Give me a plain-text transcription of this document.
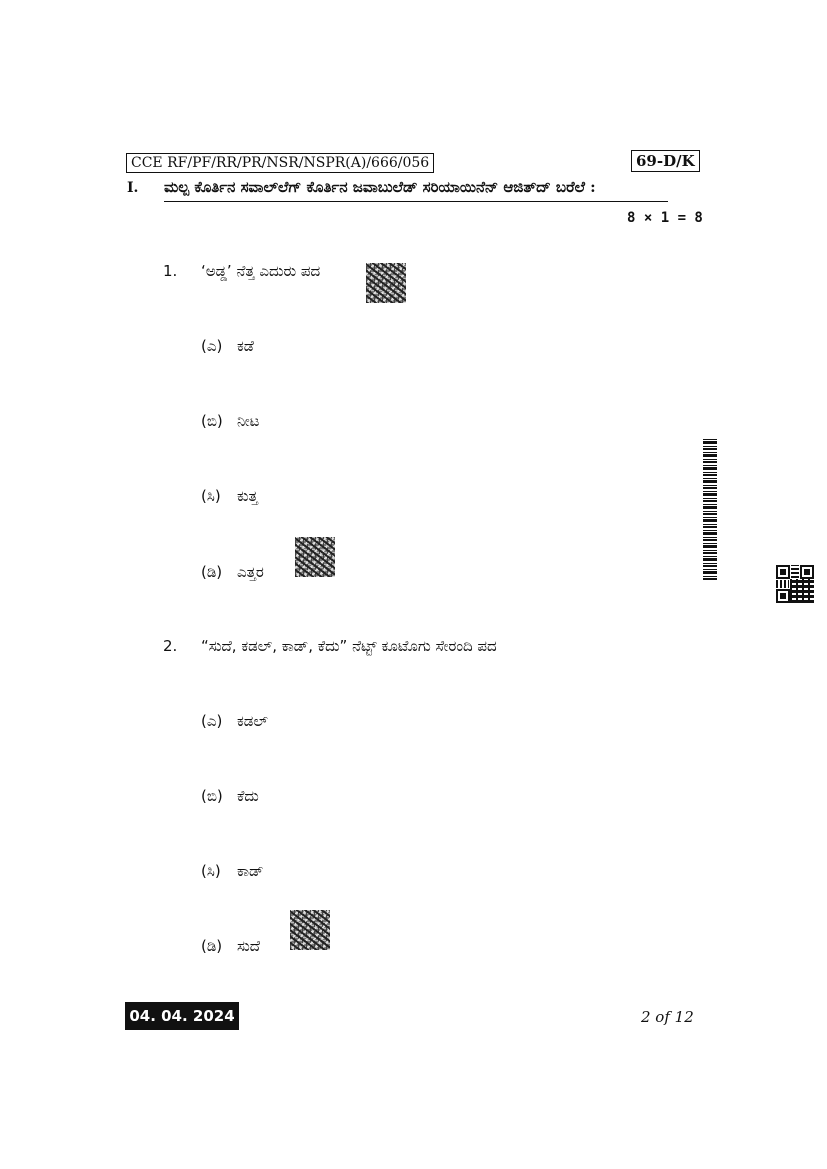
CCE RF/PF/RR/PR/NSR/NSPR(A)/666/056	69-D/K
I. ಮಲ್ಪ ಕೊರ್ತಿನ ಸವಾಲ್‌ಲೆಗ್ ಕೊರ್ತಿನ ಜವಾಬುಲೆಡ್ ಸರಿಯಾಯಿನೆನ್ ಆಜಿತ್‌ದ್ ಬರೆಲೆ :
8 × 1 = 8
1. ‘ಅಡ್ಡ’ ನೆತ್ತ ಎದುರು ಪದ
(ಎ) ಕಡೆ
(ಬಿ) ನೀಟ
(ಸಿ) ಕುತ್ತ
(ಡಿ) ಎತ್ತರ
2. “ಸುದೆ, ಕಡಲ್, ಕಾಡ್, ಕೆದು” ನೆಟ್ಟ್ ಕೂಟೊಗು ಸೇರಂದಿ ಪದ
(ಎ) ಕಡಲ್
(ಬಿ) ಕೆದು
(ಸಿ) ಕಾಡ್
(ಡಿ) ಸುದೆ
04. 04. 2024	2 of 12
